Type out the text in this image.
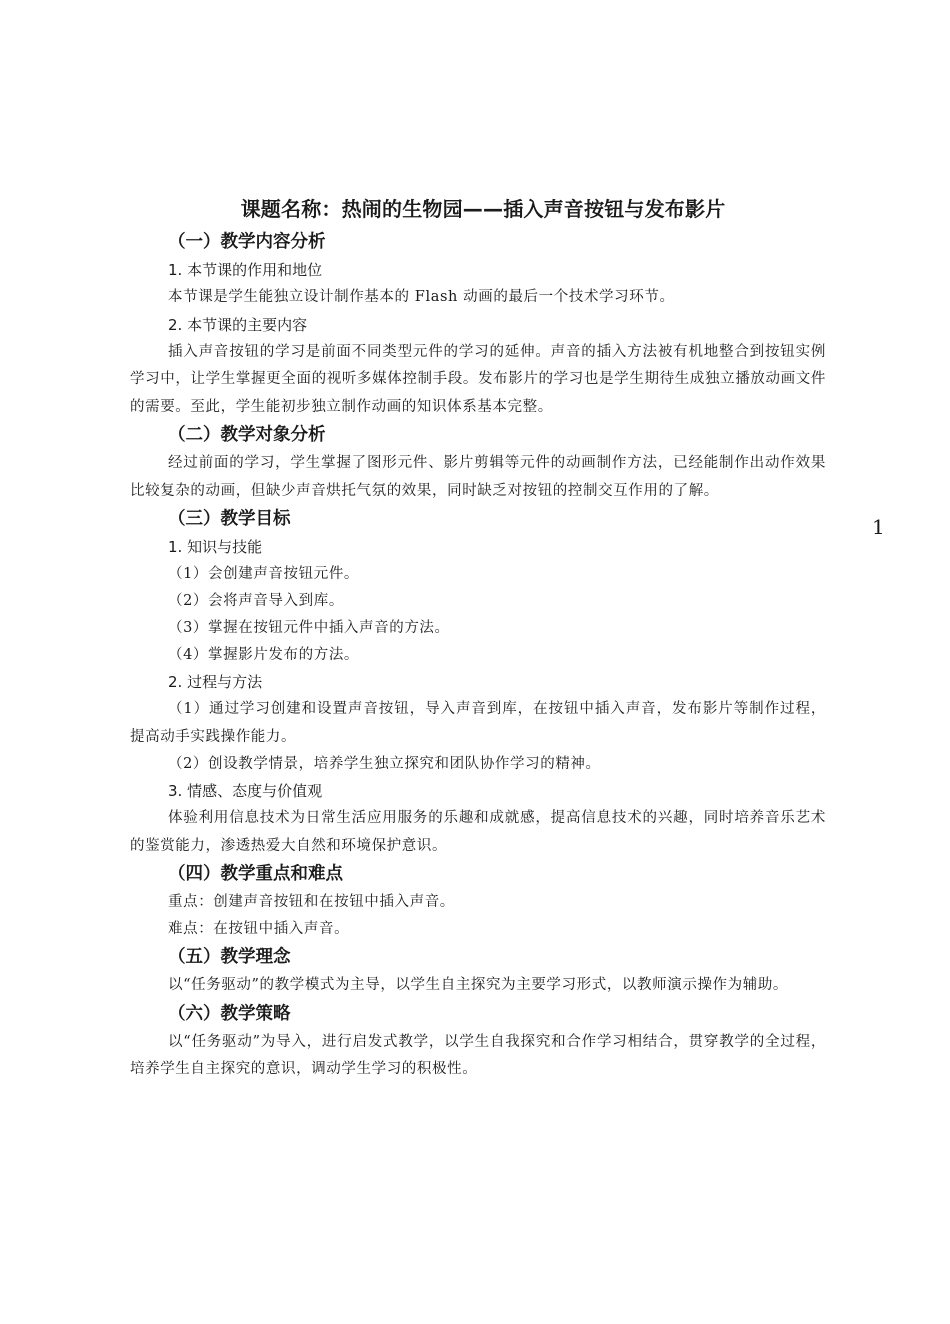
课题名称：热闹的生物园——插入声音按钮与发布影片
（一）教学内容分析

1. 本节课的作用和地位

本节课是学生能独立设计制作基本的 Flash 动画的最后一个技术学习环节。

2. 本节课的主要内容

插入声音按钮的学习是前面不同类型元件的学习的延伸。声音的插入方法被有机地整合到按钮实例学习中，让学生掌握更全面的视听多媒体控制手段。发布影片的学习也是学生期待生成独立播放动画文件的需要。至此，学生能初步独立制作动画的知识体系基本完整。

（二）教学对象分析

经过前面的学习，学生掌握了图形元件、影片剪辑等元件的动画制作方法，已经能制作出动作效果比较复杂的动画，但缺少声音烘托气氛的效果，同时缺乏对按钮的控制交互作用的了解。

（三）教学目标

1. 知识与技能

（1）会创建声音按钮元件。

（2）会将声音导入到库。

（3）掌握在按钮元件中插入声音的方法。

（4）掌握影片发布的方法。

2. 过程与方法

（1）通过学习创建和设置声音按钮，导入声音到库，在按钮中插入声音，发布影片等制作过程，提高动手实践操作能力。

（2）创设教学情景，培养学生独立探究和团队协作学习的精神。

3. 情感、态度与价值观

体验利用信息技术为日常生活应用服务的乐趣和成就感，提高信息技术的兴趣，同时培养音乐艺术的鉴赏能力，渗透热爱大自然和环境保护意识。

（四）教学重点和难点

重点：创建声音按钮和在按钮中插入声音。

难点：在按钮中插入声音。

（五）教学理念

以“任务驱动”的教学模式为主导，以学生自主探究为主要学习形式，以教师演示操作为辅助。

（六）教学策略

以“任务驱动”为导入，进行启发式教学，以学生自我探究和合作学习相结合，贯穿教学的全过程，培养学生自主探究的意识，调动学生学习的积极性。

1
